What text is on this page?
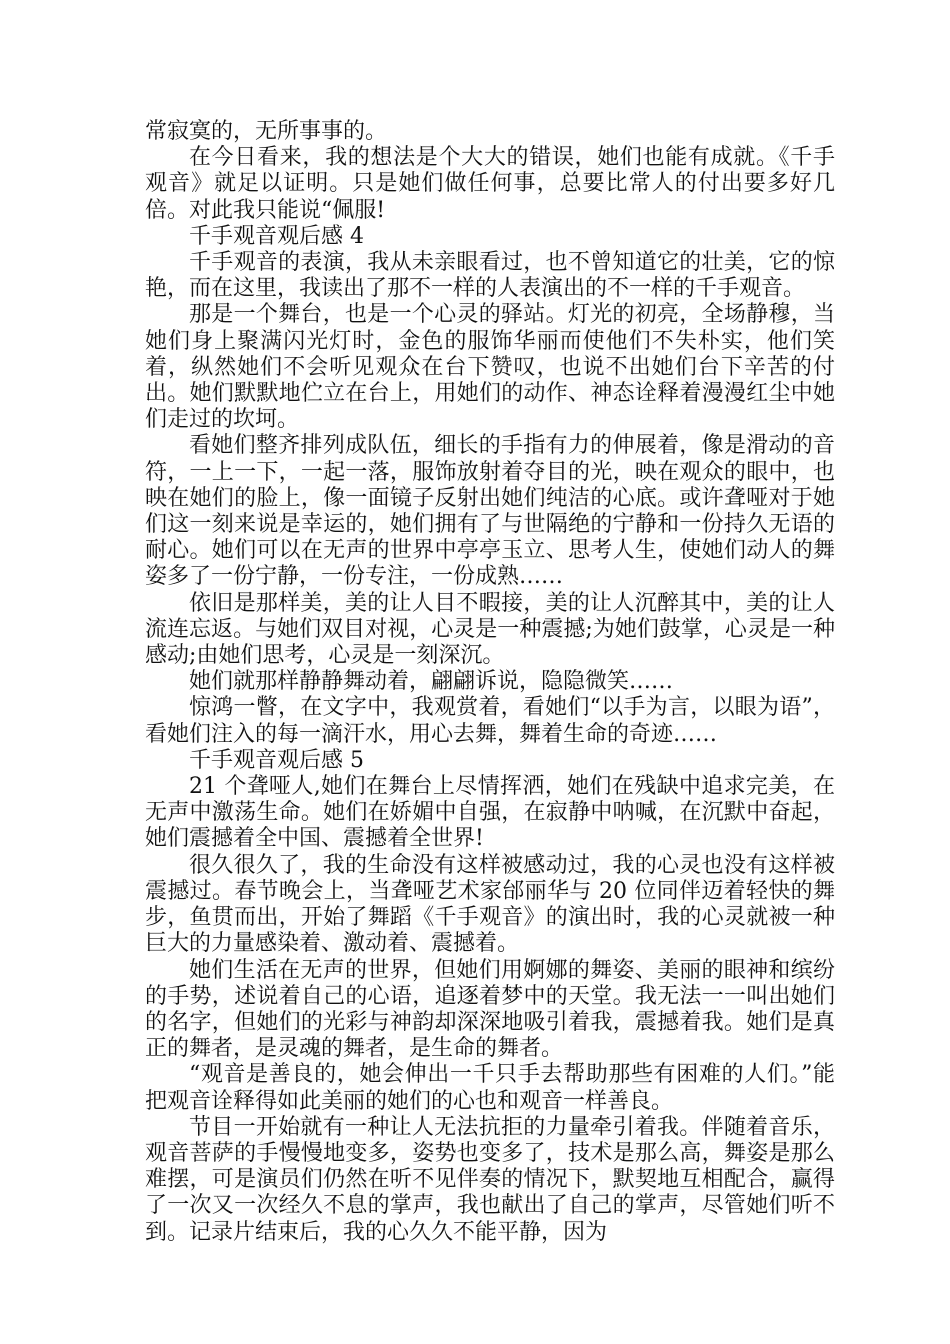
常寂寞的，无所事事的。

在今日看来，我的想法是个大大的错误，她们也能有成就。《千手观音》就足以证明。只是她们做任何事，总要比常人的付出要多好几倍。对此我只能说“佩服!

千手观音观后感 4

千手观音的表演，我从未亲眼看过，也不曾知道它的壮美，它的惊艳，而在这里，我读出了那不一样的人表演出的不一样的千手观音。

那是一个舞台，也是一个心灵的驿站。灯光的初亮，全场静穆，当她们身上聚满闪光灯时，金色的服饰华丽而使他们不失朴实，他们笑着，纵然她们不会听见观众在台下赞叹，也说不出她们台下辛苦的付出。她们默默地伫立在台上，用她们的动作、神态诠释着漫漫红尘中她们走过的坎坷。

看她们整齐排列成队伍，细长的手指有力的伸展着，像是滑动的音符，一上一下，一起一落，服饰放射着夺目的光，映在观众的眼中，也映在她们的脸上，像一面镜子反射出她们纯洁的心底。或许聋哑对于她们这一刻来说是幸运的，她们拥有了与世隔绝的宁静和一份持久无语的耐心。她们可以在无声的世界中亭亭玉立、思考人生，使她们动人的舞姿多了一份宁静，一份专注，一份成熟……

依旧是那样美，美的让人目不暇接，美的让人沉醉其中，美的让人流连忘返。与她们双目对视，心灵是一种震撼;为她们鼓掌，心灵是一种感动;由她们思考，心灵是一刻深沉。

她们就那样静静舞动着，翩翩诉说，隐隐微笑……

惊鸿一瞥，在文字中，我观赏着，看她们“以手为言，以眼为语”，看她们注入的每一滴汗水，用心去舞，舞着生命的奇迹……

千手观音观后感 5

21 个聋哑人,她们在舞台上尽情挥洒，她们在残缺中追求完美，在无声中激荡生命。她们在娇媚中自强，在寂静中呐喊，在沉默中奋起，她们震撼着全中国、震撼着全世界!

很久很久了，我的生命没有这样被感动过，我的心灵也没有这样被震撼过。春节晚会上，当聋哑艺术家邰丽华与 20 位同伴迈着轻快的舞步，鱼贯而出，开始了舞蹈《千手观音》的演出时，我的心灵就被一种巨大的力量感染着、激动着、震撼着。

她们生活在无声的世界，但她们用婀娜的舞姿、美丽的眼神和缤纷的手势，述说着自己的心语，追逐着梦中的天堂。我无法一一叫出她们的名字，但她们的光彩与神韵却深深地吸引着我，震撼着我。她们是真正的舞者，是灵魂的舞者，是生命的舞者。

“观音是善良的，她会伸出一千只手去帮助那些有困难的人们。”能把观音诠释得如此美丽的她们的心也和观音一样善良。

节目一开始就有一种让人无法抗拒的力量牵引着我。伴随着音乐，观音菩萨的手慢慢地变多，姿势也变多了，技术是那么高，舞姿是那么难摆，可是演员们仍然在听不见伴奏的情况下，默契地互相配合，赢得了一次又一次经久不息的掌声，我也献出了自己的掌声，尽管她们听不到。记录片结束后，我的心久久不能平静，因为
